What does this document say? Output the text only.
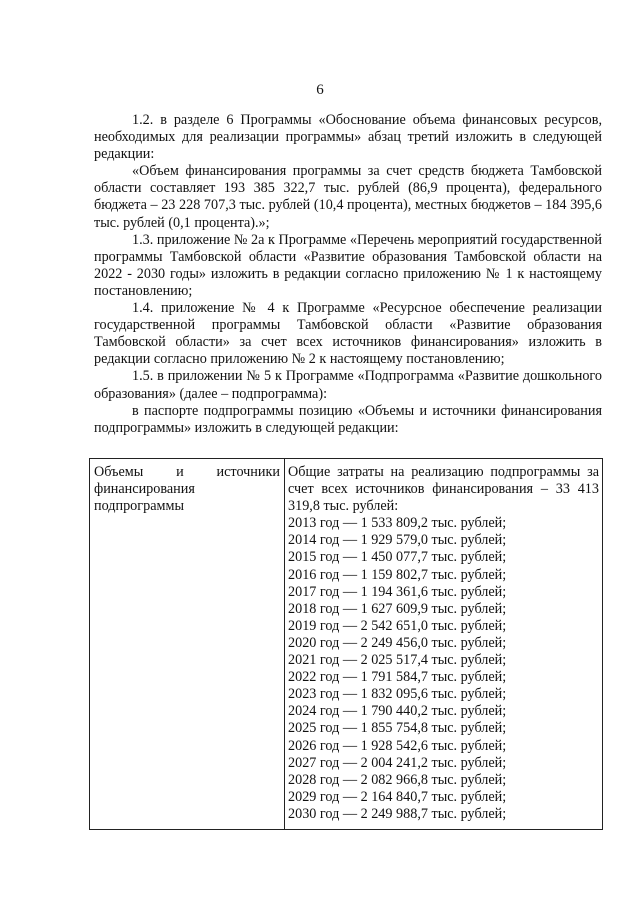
6

1.2. в разделе 6 Программы «Обоснование объема финансовых ресурсов, необходимых для реализации программы» абзац третий изложить в следующей редакции:

«Объем финансирования программы за счет средств бюджета Тамбовской области составляет 193 385 322,7 тыс. рублей (86,9 процента), федерального бюджета – 23 228 707,3 тыс. рублей (10,4 процента), местных бюджетов – 184 395,6 тыс. рублей (0,1 процента).»;

1.3. приложение № 2а к Программе «Перечень мероприятий государственной программы Тамбовской области «Развитие образования Тамбовской области на 2022 - 2030 годы» изложить в редакции согласно приложению № 1 к настоящему постановлению;

1.4. приложение № 4 к Программе «Ресурсное обеспечение реализации государственной программы Тамбовской области «Развитие образования Тамбовской области» за счет всех источников финансирования» изложить в редакции согласно приложению № 2 к настоящему постановлению;

1.5. в приложении № 5 к Программе «Подпрограмма «Развитие дошкольного образования» (далее – подпрограмма):

в паспорте подпрограммы позицию «Объемы и источники финансирования подпрограммы» изложить в следующей редакции:

Объемы и источники
финансирования
подпрограммы

Общие затраты на реализацию подпрограммы за счет всех источников финансирования – 33 413 319,8 тыс. рублей:

2013 год — 1 533 809,2 тыс. рублей;
2014 год — 1 929 579,0 тыс. рублей;
2015 год — 1 450 077,7 тыс. рублей;
2016 год — 1 159 802,7 тыс. рублей;
2017 год — 1 194 361,6 тыс. рублей;
2018 год — 1 627 609,9 тыс. рублей;
2019 год — 2 542 651,0 тыс. рублей;
2020 год — 2 249 456,0 тыс. рублей;
2021 год — 2 025 517,4 тыс. рублей;
2022 год — 1 791 584,7 тыс. рублей;
2023 год — 1 832 095,6 тыс. рублей;
2024 год — 1 790 440,2 тыс. рублей;
2025 год — 1 855 754,8 тыс. рублей;
2026 год — 1 928 542,6 тыс. рублей;
2027 год — 2 004 241,2 тыс. рублей;
2028 год — 2 082 966,8 тыс. рублей;
2029 год — 2 164 840,7 тыс. рублей;
2030 год — 2 249 988,7 тыс. рублей;
